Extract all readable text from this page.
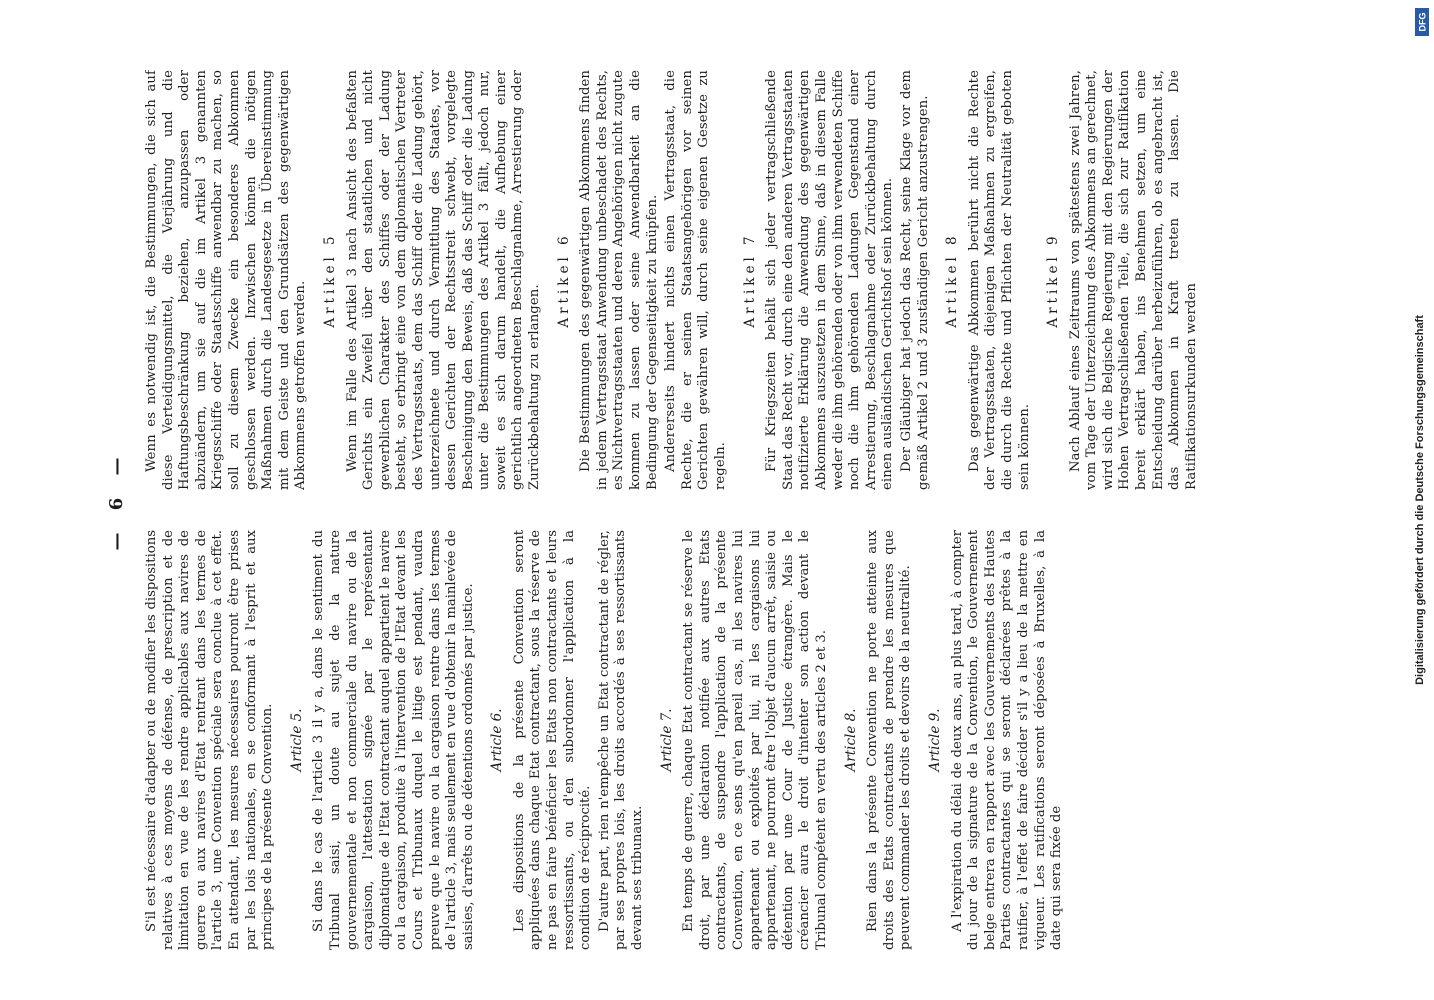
— 6 —

S'il est nécessaire d'adapter ou de modifier les dispositions relatives à ces moyens de défense, de prescription et de limitation en vue de les rendre applicables aux navires de guerre ou aux navires d'Etat rentrant dans les termes de l'article 3, une Convention spéciale sera conclue à cet effet. En attendant, les mesures nécessaires pourront être prises par les lois nationales, en se conformant à l'esprit et aux principes de la présente Convention. Article 5. Si dans le cas de l'article 3 il y a, dans le sentiment du Tribunal saisi, un doute au sujet de la nature gouvernementale et non commerciale du navire ou de la cargaison, l'attestation signée par le représentant diplomatique de l'Etat contractant auquel appartient le navire ou la cargaison, produite à l'intervention de l'Etat devant les Cours et Tribunaux duquel le litige est pendant, vaudra preuve que le navire ou la cargaison rentre dans les termes de l'article 3, mais seulement en vue d'obtenir la mainlevée de saisies, d'arrêts ou de détentions ordonnés par justice. Article 6. Les dispositions de la présente Convention seront appliquées dans chaque Etat contractant, sous la réserve de ne pas en faire bénéficier les Etats non contractants et leurs ressortissants, ou d'en subordonner l'application à la condition de réciprocité. D'autre part, rien n'empêche un Etat contractant de régler, par ses propres lois, les droits accordés à ses ressortissants devant ses tribunaux.

Article 7. En temps de guerre, chaque Etat contractant se réserve le droit, par une déclaration notifiée aux autres Etats contractants, de suspendre l'application de la présente Convention, en ce sens qu'en pareil cas, ni les navires lui appartenant ou exploités par lui, ni les cargaisons lui appartenant, ne pourront être l'objet d'aucun arrêt, saisie ou détention par une Cour de Justice étrangère. Mais le créancier aura le droit d'intenter son action devant le Tribunal compétent en vertu des articles 2 et 3. Article 8. Rien dans la présente Convention ne porte atteinte aux droits des Etats contractants de prendre les mesures que peuvent commander les droits et devoirs de la neutralité. Article 9. A l'expiration du délai de deux ans, au plus tard, à compter du jour de la signature de la Convention, le Gouvernement belge entrera en rapport avec les Gouvernements des Hautes Parties contractantes qui se seront déclarées prêtes à la ratifier, à l'effet de faire décider s'il y a lieu de la mettre en vigueur. Les ratifications seront déposées à Bruxelles, à la date qui sera fixée de

Wenn es notwendig ist, die Bestimmungen, die sich auf diese Verteidigungsmittel, die Verjährung und die Haftungsbeschränkung beziehen, anzupassen oder abzuändern, um sie auf die im Artikel 3 genannten Kriegsschiffe oder Staatsschiffe anwendbar zu machen, so soll zu diesem Zwecke ein besonderes Abkommen geschlossen werden. Inzwischen können die nötigen Maßnahmen durch die Landesgesetze in Übereinstimmung mit dem Geiste und den Grundsätzen des gegenwärtigen Abkommens getroffen werden.

Artikel 5 Wenn im Falle des Artikel 3 nach Ansicht des befaßten Gerichts ein Zweifel über den staatlichen und nicht gewerblichen Charakter des Schiffes oder der Ladung besteht, so erbringt eine von dem diplomatischen Vertreter des Vertragsstaats, dem das Schiff oder die Ladung gehört, unterzeichnete und durch Vermittlung des Staates, vor dessen Gerichten der Rechtsstreit schwebt, vorgelegte Bescheinigung den Beweis, daß das Schiff oder die Ladung unter die Bestimmungen des Artikel 3 fällt, jedoch nur, soweit es sich darum handelt, die Aufhebung einer gerichtlich angeordneten Beschlagnahme, Arrestierung oder Zurückbehaltung zu erlangen.

Artikel 6 Die Bestimmungen des gegenwärtigen Abkommens finden in jedem Vertragsstaat Anwendung unbeschadet des Rechts, es Nichtvertragsstaaten und deren Angehörigen nicht zugute kommen zu lassen oder seine Anwendbarkeit an die Bedingung der Gegenseitigkeit zu knüpfen. Andererseits hindert nichts einen Vertragsstaat, die Rechte, die er seinen Staatsangehörigen vor seinen Gerichten gewähren will, durch seine eigenen Gesetze zu regeln.

Artikel 7 Für Kriegszeiten behält sich jeder vertragschließende Staat das Recht vor, durch eine den anderen Vertragsstaaten notifizierte Erklärung die Anwendung des gegenwärtigen Abkommens auszusetzen in dem Sinne, daß in diesem Falle weder die ihm gehörenden oder von ihm verwendeten Schiffe noch die ihm gehörenden Ladungen Gegenstand einer Arrestierung, Beschlagnahme oder Zurückbehaltung durch einen ausländischen Gerichtshof sein können. Der Gläubiger hat jedoch das Recht, seine Klage vor dem gemäß Artikel 2 und 3 zuständigen Gericht anzustrengen. Artikel 8 Das gegenwärtige Abkommen berührt nicht die Rechte der Vertragsstaaten, diejenigen Maßnahmen zu ergreifen, die durch die Rechte und Pflichten der Neutralität geboten sein können.

Artikel 9 Nach Ablauf eines Zeitraums von spätestens zwei Jahren, vom Tage der Unterzeichnung des Abkommens an gerechnet, wird sich die Belgische Regierung mit den Regierungen der Hohen Vertragschließenden Teile, die sich zur Ratifikation bereit erklärt haben, ins Benehmen setzen, um eine Entscheidung darüber herbeizuführen, ob es angebracht ist, das Abkommen in Kraft treten zu lassen. Die Ratifikationsurkunden werden

DFG
Digitalisierung gefördert durch die Deutsche Forschungsgemeinschaft
